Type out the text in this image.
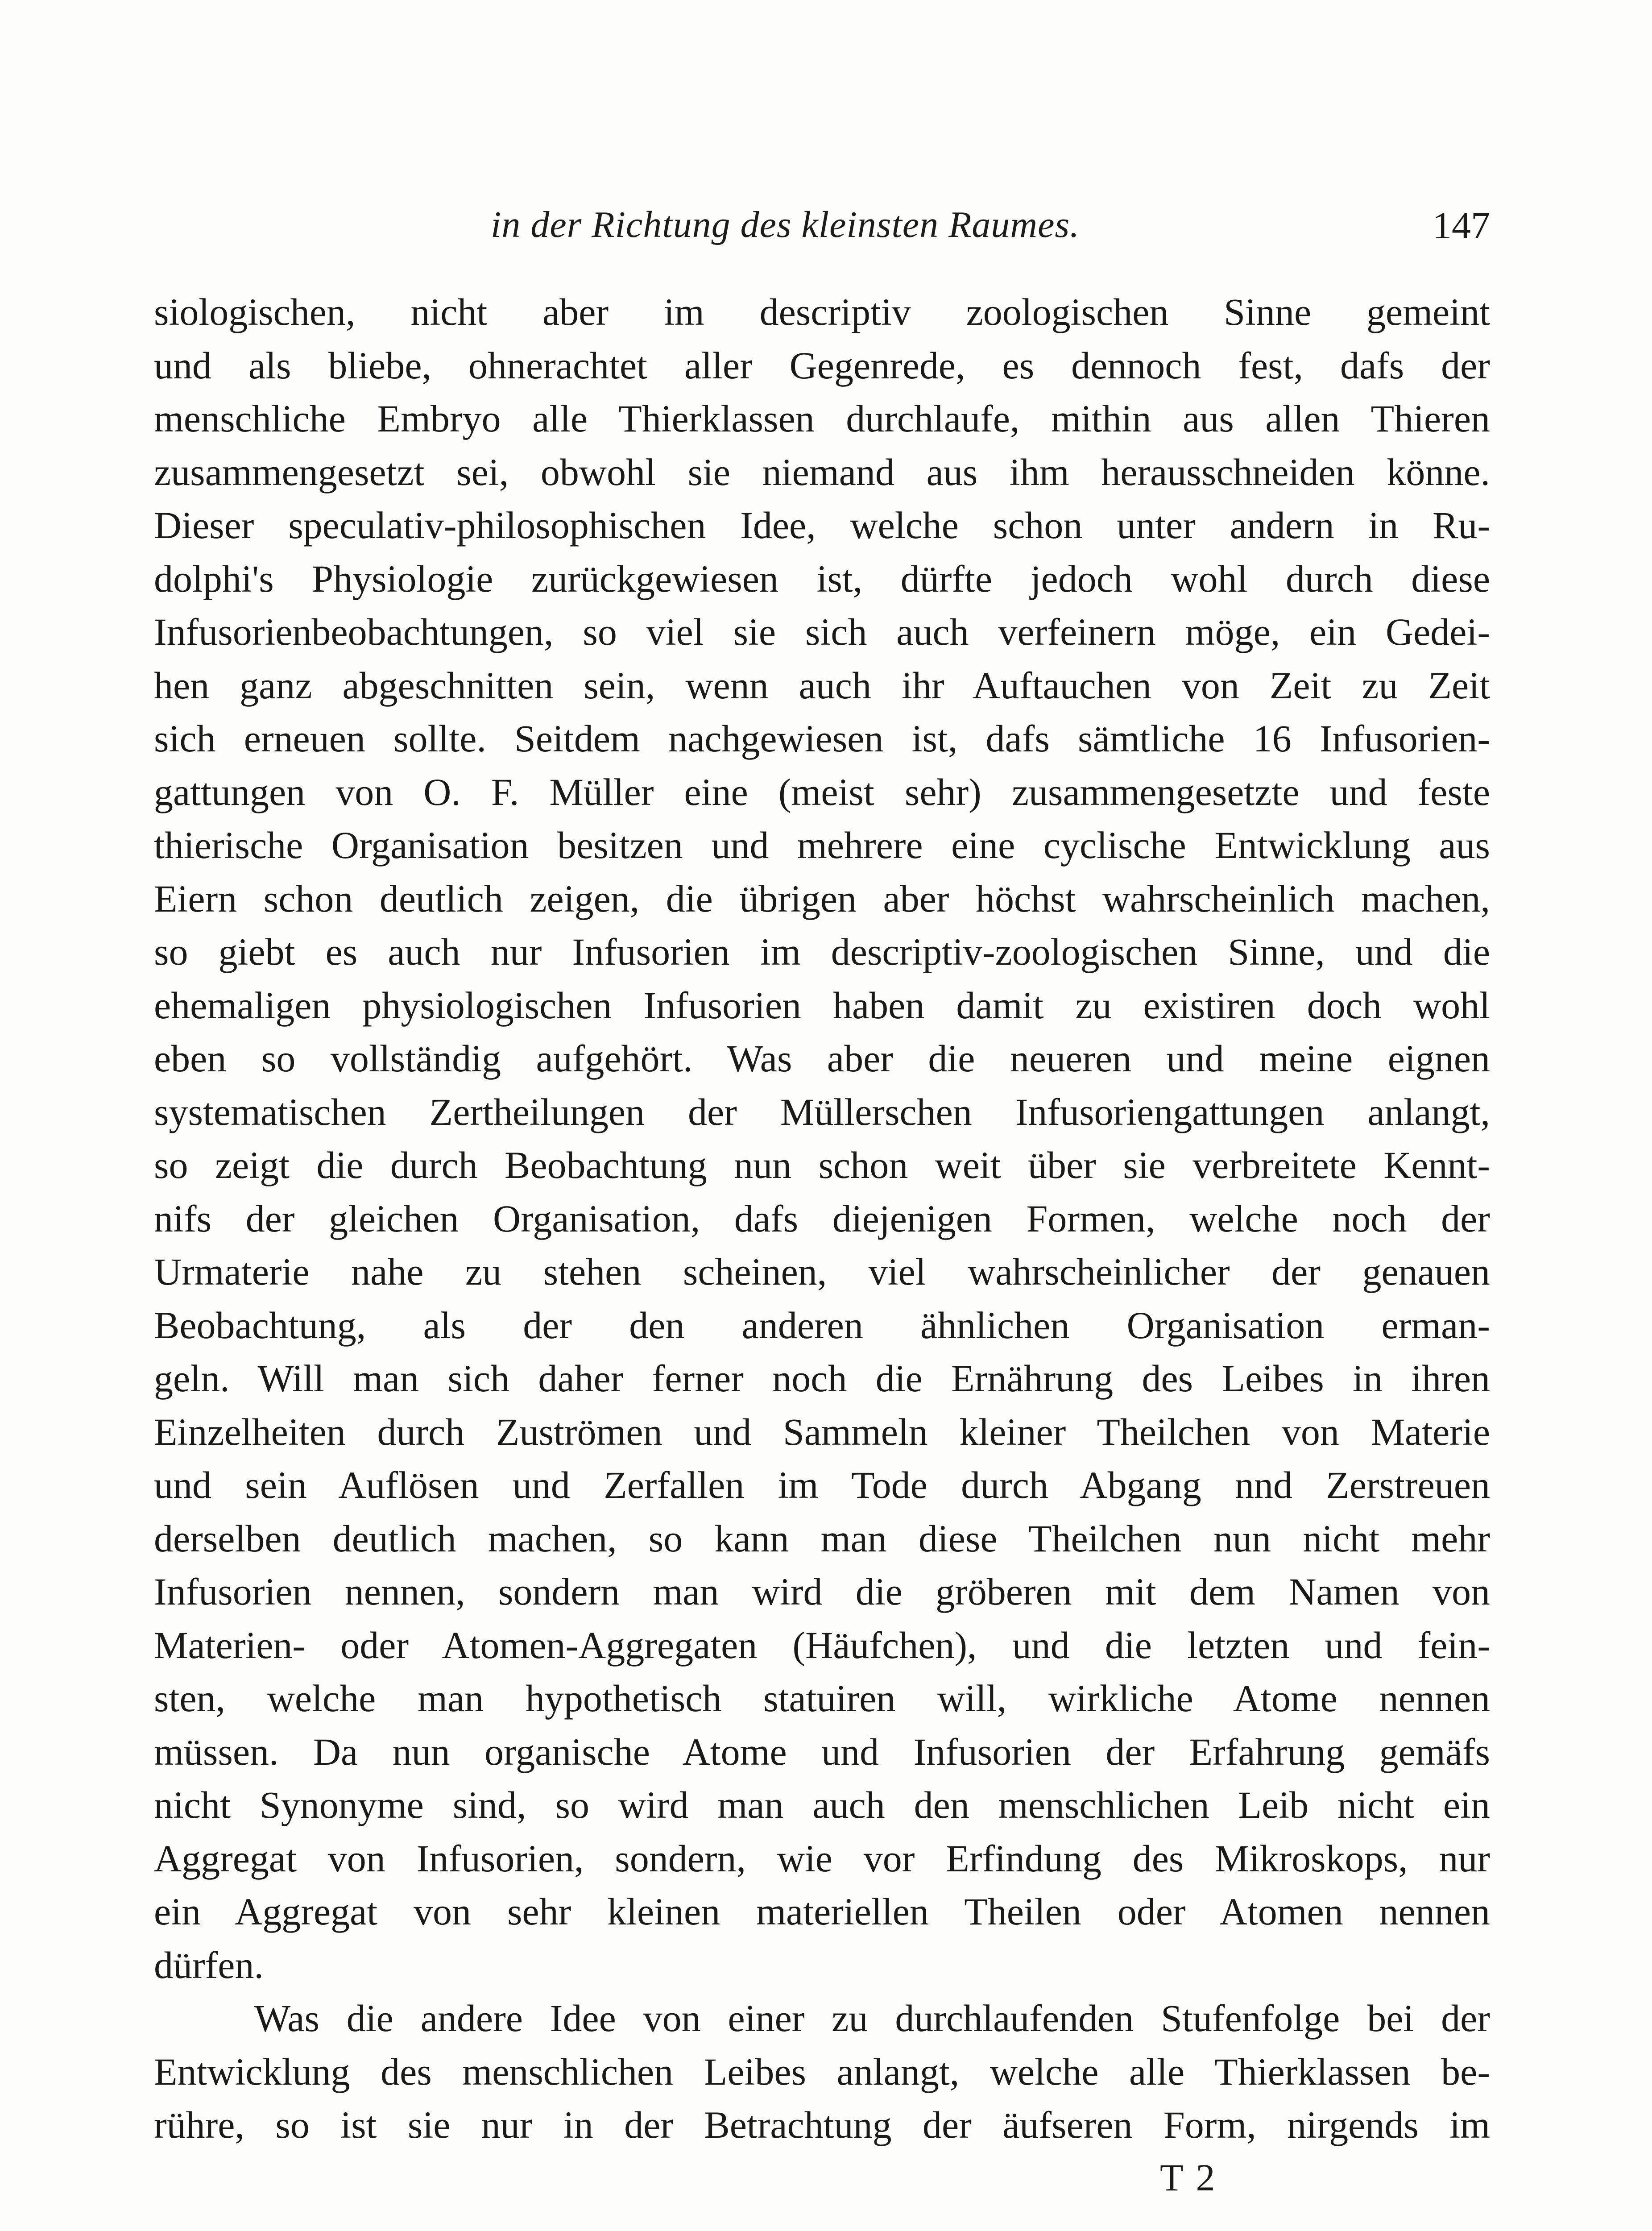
in der Richtung des kleinsten Raumes.	147
siologischen, nicht aber im descriptiv zoologischen Sinne gemeint
und als bliebe, ohnerachtet aller Gegenrede, es dennoch fest, dafs der
menschliche Embryo alle Thierklassen durchlaufe, mithin aus allen Thieren
zusammengesetzt sei, obwohl sie niemand aus ihm herausschneiden könne.
Dieser speculativ-philosophischen Idee, welche schon unter andern in Ru-
dolphi's Physiologie zurückgewiesen ist, dürfte jedoch wohl durch diese
Infusorienbeobachtungen, so viel sie sich auch verfeinern möge, ein Gedei-
hen ganz abgeschnitten sein, wenn auch ihr Auftauchen von Zeit zu Zeit
sich erneuen sollte. Seitdem nachgewiesen ist, dafs sämtliche 16 Infusorien-
gattungen von O. F. Müller eine (meist sehr) zusammengesetzte und feste
thierische Organisation besitzen und mehrere eine cyclische Entwicklung aus
Eiern schon deutlich zeigen, die übrigen aber höchst wahrscheinlich machen,
so giebt es auch nur Infusorien im descriptiv-zoologischen Sinne, und die
ehemaligen physiologischen Infusorien haben damit zu existiren doch wohl
eben so vollständig aufgehört. Was aber die neueren und meine eignen
systematischen Zertheilungen der Müllerschen Infusoriengattungen anlangt,
so zeigt die durch Beobachtung nun schon weit über sie verbreitete Kennt-
nifs der gleichen Organisation, dafs diejenigen Formen, welche noch der
Urmaterie nahe zu stehen scheinen, viel wahrscheinlicher der genauen
Beobachtung, als der den anderen ähnlichen Organisation erman-
geln. Will man sich daher ferner noch die Ernährung des Leibes in ihren
Einzelheiten durch Zuströmen und Sammeln kleiner Theilchen von Materie
und sein Auflösen und Zerfallen im Tode durch Abgang nnd Zerstreuen
derselben deutlich machen, so kann man diese Theilchen nun nicht mehr
Infusorien nennen, sondern man wird die gröberen mit dem Namen von
Materien- oder Atomen-Aggregaten (Häufchen), und die letzten und fein-
sten, welche man hypothetisch statuiren will, wirkliche Atome nennen
müssen. Da nun organische Atome und Infusorien der Erfahrung gemäfs
nicht Synonyme sind, so wird man auch den menschlichen Leib nicht ein
Aggregat von Infusorien, sondern, wie vor Erfindung des Mikroskops, nur
ein Aggregat von sehr kleinen materiellen Theilen oder Atomen nennen
dürfen.
Was die andere Idee von einer zu durchlaufenden Stufenfolge bei der
Entwicklung des menschlichen Leibes anlangt, welche alle Thierklassen be-
rühre, so ist sie nur in der Betrachtung der äufseren Form, nirgends im
T 2
